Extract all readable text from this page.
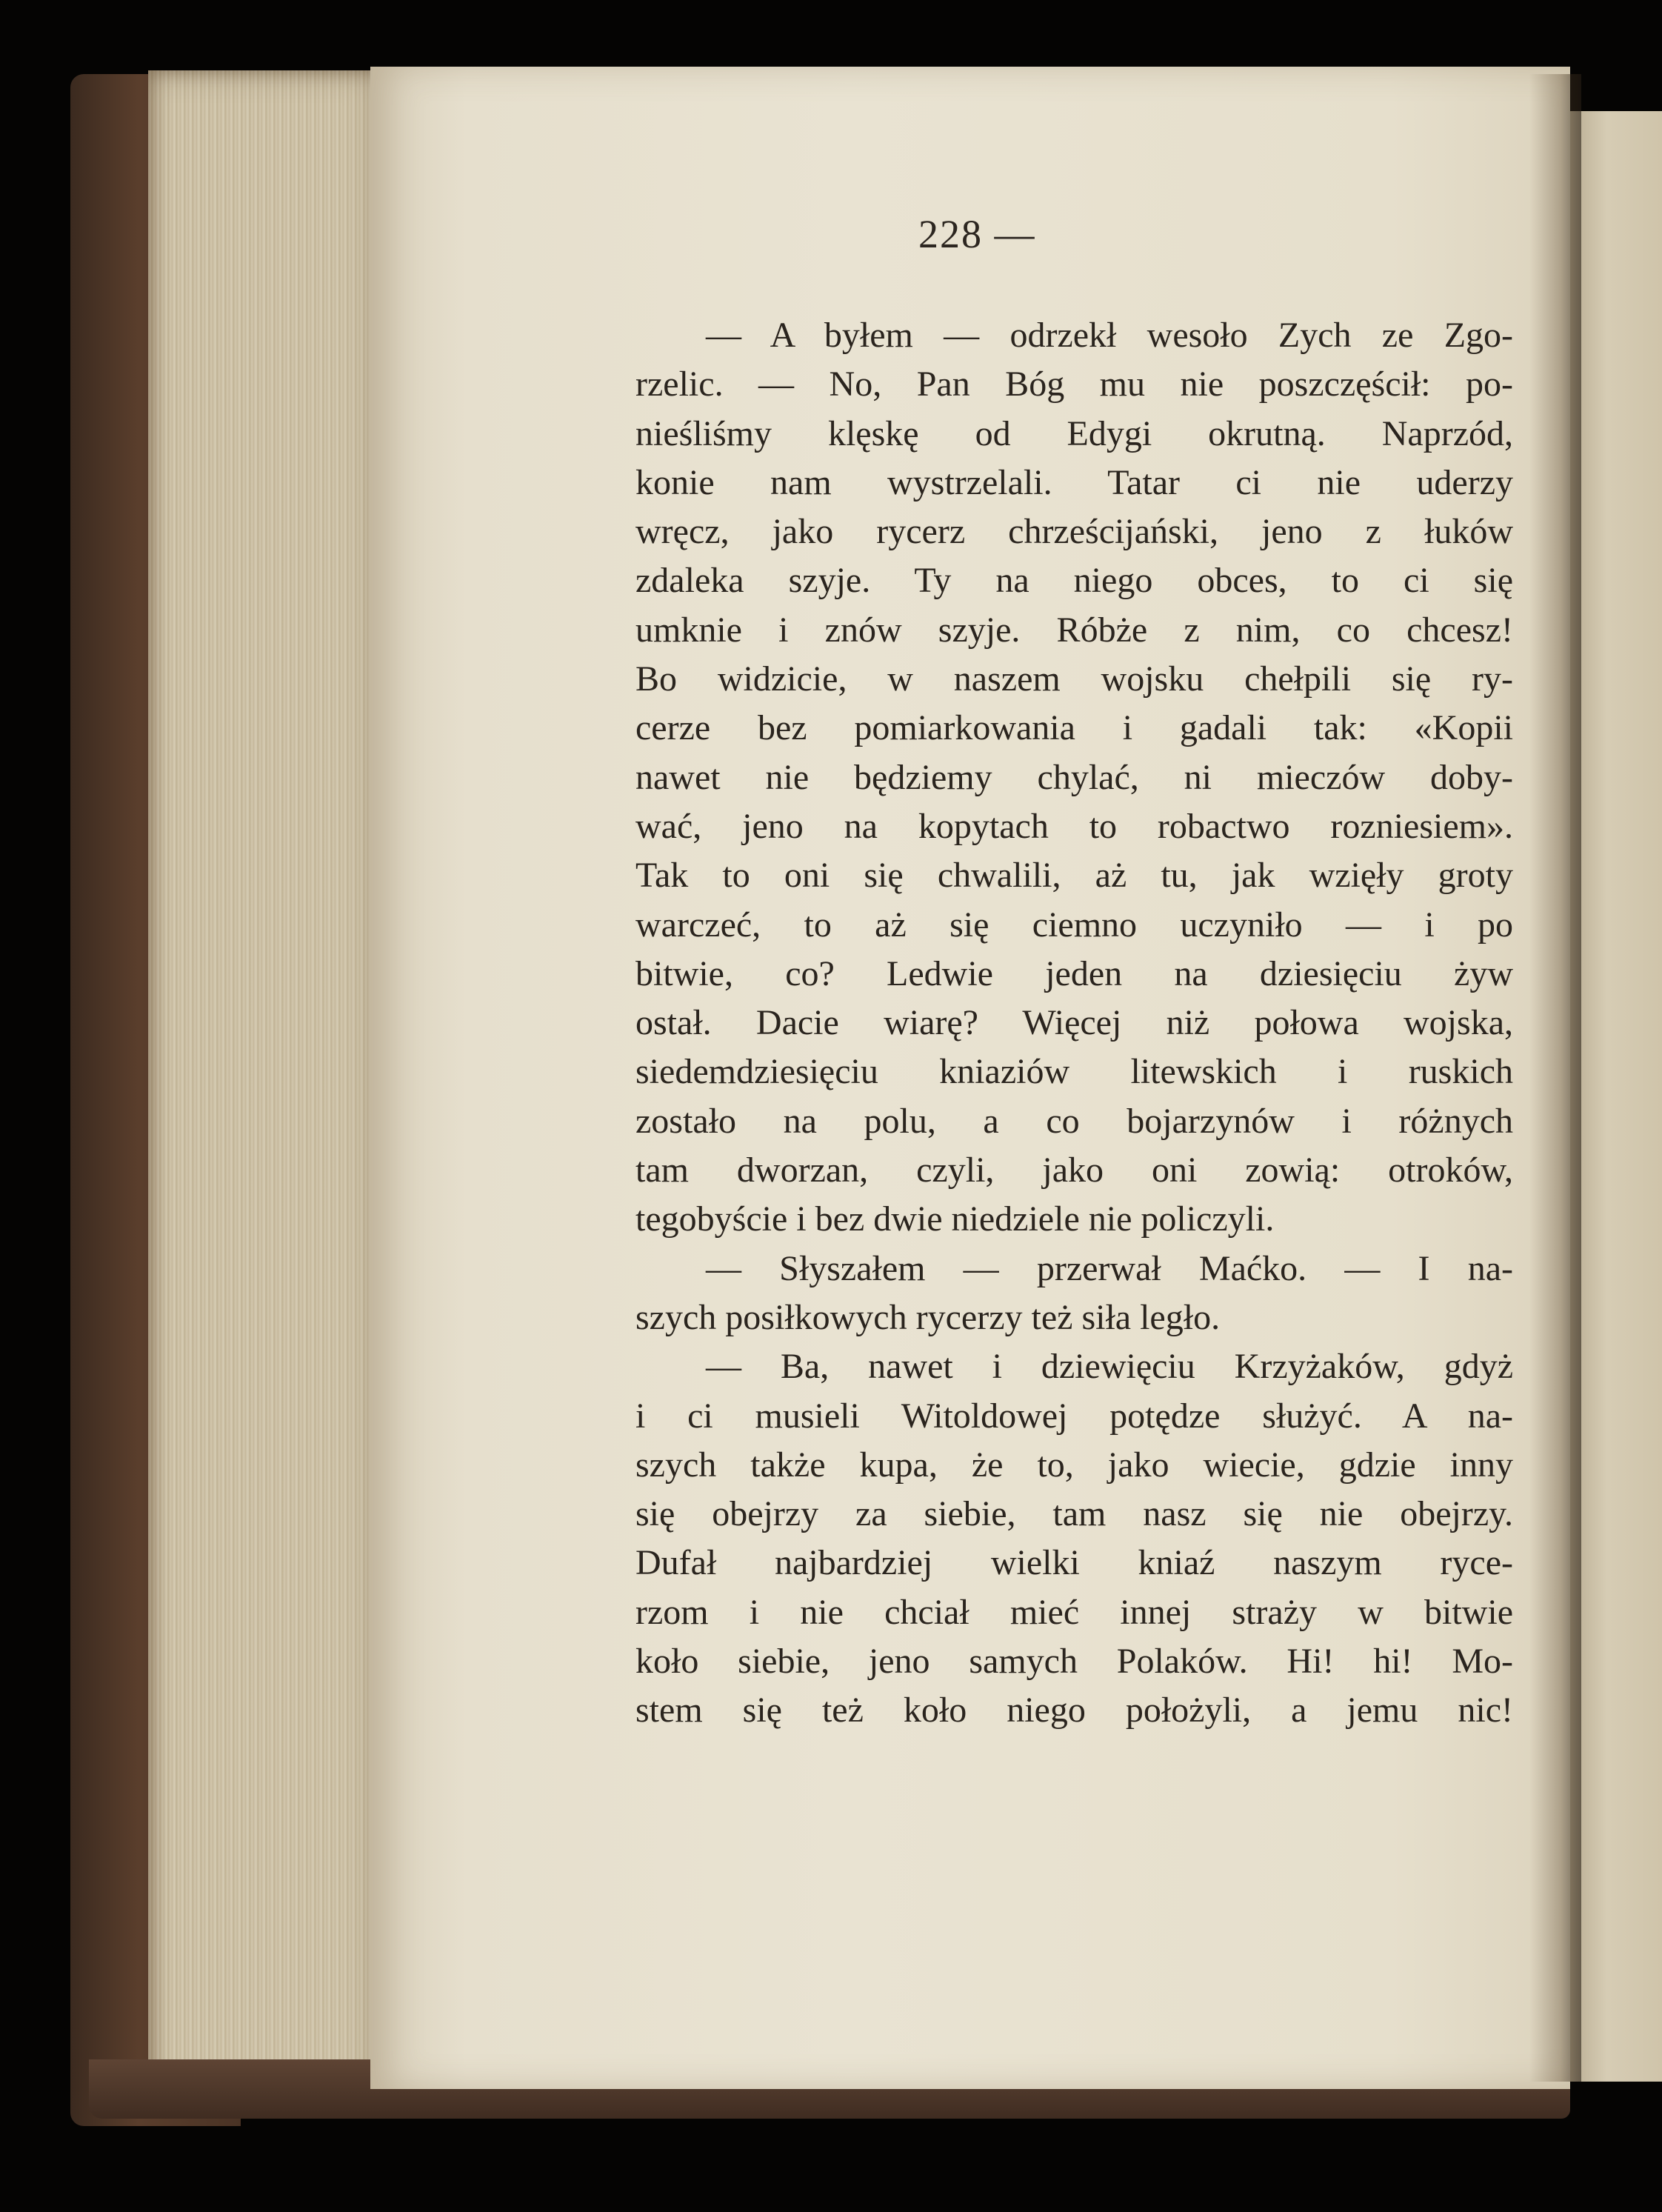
228 —
— A byłem — odrzekł wesoło Zych ze Zgo-
rzelic. — No, Pan Bóg mu nie poszczęścił: po-
nieśliśmy klęskę od Edygi okrutną. Naprzód,
konie nam wystrzelali. Tatar ci nie uderzy
wręcz, jako rycerz chrześcijański, jeno z łuków
zdaleka szyje. Ty na niego obces, to ci się
umknie i znów szyje. Róbże z nim, co chcesz!
Bo widzicie, w naszem wojsku chełpili się ry-
cerze bez pomiarkowania i gadali tak: «Kopii
nawet nie będziemy chylać, ni mieczów doby-
wać, jeno na kopytach to robactwo rozniesiem».
Tak to oni się chwalili, aż tu, jak wzięły groty
warczeć, to aż się ciemno uczyniło — i po
bitwie, co? Ledwie jeden na dziesięciu żyw
ostał. Dacie wiarę? Więcej niż połowa wojska,
siedemdziesięciu kniaziów litewskich i ruskich
zostało na polu, a co bojarzynów i różnych
tam dworzan, czyli, jako oni zowią: otroków,
tegobyście i bez dwie niedziele nie policzyli.
— Słyszałem — przerwał Maćko. — I na-
szych posiłkowych rycerzy też siła legło.
— Ba, nawet i dziewięciu Krzyżaków, gdyż
i ci musieli Witoldowej potędze służyć. A na-
szych także kupa, że to, jako wiecie, gdzie inny
się obejrzy za siebie, tam nasz się nie obejrzy.
Dufał najbardziej wielki kniaź naszym ryce-
rzom i nie chciał mieć innej straży w bitwie
koło siebie, jeno samych Polaków. Hi! hi! Mo-
stem się też koło niego położyli, a jemu nic!
